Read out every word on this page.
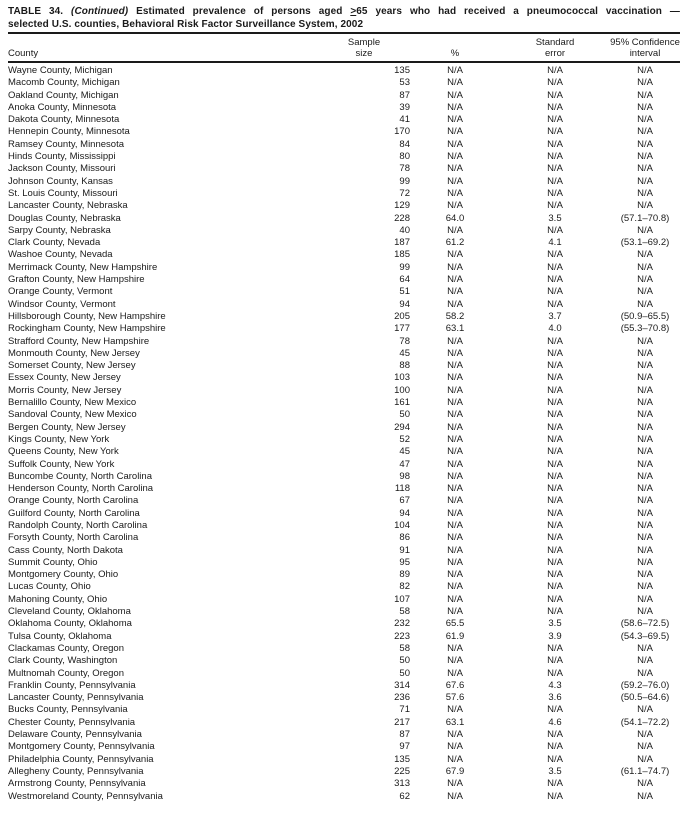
TABLE 34. (Continued) Estimated prevalence of persons aged ≥65 years who had received a pneumococcal vaccination —
selected U.S. counties, Behavioral Risk Factor Surveillance System, 2002
County	Sample
size	%	Standard
error	95% Confidence
interval
Wayne County, Michigan	135	N/A	N/A	N/A
Macomb County, Michigan	53	N/A	N/A	N/A
Oakland County, Michigan	87	N/A	N/A	N/A
Anoka County, Minnesota	39	N/A	N/A	N/A
Dakota County, Minnesota	41	N/A	N/A	N/A
Hennepin County, Minnesota	170	N/A	N/A	N/A
Ramsey County, Minnesota	84	N/A	N/A	N/A
Hinds County, Mississippi	80	N/A	N/A	N/A
Jackson County, Missouri	78	N/A	N/A	N/A
Johnson County, Kansas	99	N/A	N/A	N/A
St. Louis County, Missouri	72	N/A	N/A	N/A
Lancaster County, Nebraska	129	N/A	N/A	N/A
Douglas County, Nebraska	228	64.0	3.5	(57.1–70.8)
Sarpy County, Nebraska	40	N/A	N/A	N/A
Clark County, Nevada	187	61.2	4.1	(53.1–69.2)
Washoe County, Nevada	185	N/A	N/A	N/A
Merrimack County, New Hampshire	99	N/A	N/A	N/A
Grafton County, New Hampshire	64	N/A	N/A	N/A
Orange County, Vermont	51	N/A	N/A	N/A
Windsor County, Vermont	94	N/A	N/A	N/A
Hillsborough County, New Hampshire	205	58.2	3.7	(50.9–65.5)
Rockingham County, New Hampshire	177	63.1	4.0	(55.3–70.8)
Strafford County, New Hampshire	78	N/A	N/A	N/A
Monmouth County, New Jersey	45	N/A	N/A	N/A
Somerset County, New Jersey	88	N/A	N/A	N/A
Essex County, New Jersey	103	N/A	N/A	N/A
Morris County, New Jersey	100	N/A	N/A	N/A
Bernalillo County, New Mexico	161	N/A	N/A	N/A
Sandoval County, New Mexico	50	N/A	N/A	N/A
Bergen County, New Jersey	294	N/A	N/A	N/A
Kings County, New York	52	N/A	N/A	N/A
Queens County, New York	45	N/A	N/A	N/A
Suffolk County, New York	47	N/A	N/A	N/A
Buncombe County, North Carolina	98	N/A	N/A	N/A
Henderson County, North Carolina	118	N/A	N/A	N/A
Orange County, North Carolina	67	N/A	N/A	N/A
Guilford County, North Carolina	94	N/A	N/A	N/A
Randolph County, North Carolina	104	N/A	N/A	N/A
Forsyth County, North Carolina	86	N/A	N/A	N/A
Cass County, North Dakota	91	N/A	N/A	N/A
Summit County, Ohio	95	N/A	N/A	N/A
Montgomery County, Ohio	89	N/A	N/A	N/A
Lucas County, Ohio	82	N/A	N/A	N/A
Mahoning County, Ohio	107	N/A	N/A	N/A
Cleveland County, Oklahoma	58	N/A	N/A	N/A
Oklahoma County, Oklahoma	232	65.5	3.5	(58.6–72.5)
Tulsa County, Oklahoma	223	61.9	3.9	(54.3–69.5)
Clackamas County, Oregon	58	N/A	N/A	N/A
Clark County, Washington	50	N/A	N/A	N/A
Multnomah County, Oregon	50	N/A	N/A	N/A
Franklin County, Pennsylvania	314	67.6	4.3	(59.2–76.0)
Lancaster County, Pennsylvania	236	57.6	3.6	(50.5–64.6)
Bucks County, Pennsylvania	71	N/A	N/A	N/A
Chester County, Pennsylvania	217	63.1	4.6	(54.1–72.2)
Delaware County, Pennsylvania	87	N/A	N/A	N/A
Montgomery County, Pennsylvania	97	N/A	N/A	N/A
Philadelphia County, Pennsylvania	135	N/A	N/A	N/A
Allegheny County, Pennsylvania	225	67.9	3.5	(61.1–74.7)
Armstrong County, Pennsylvania	313	N/A	N/A	N/A
Westmoreland County, Pennsylvania	62	N/A	N/A	N/A
